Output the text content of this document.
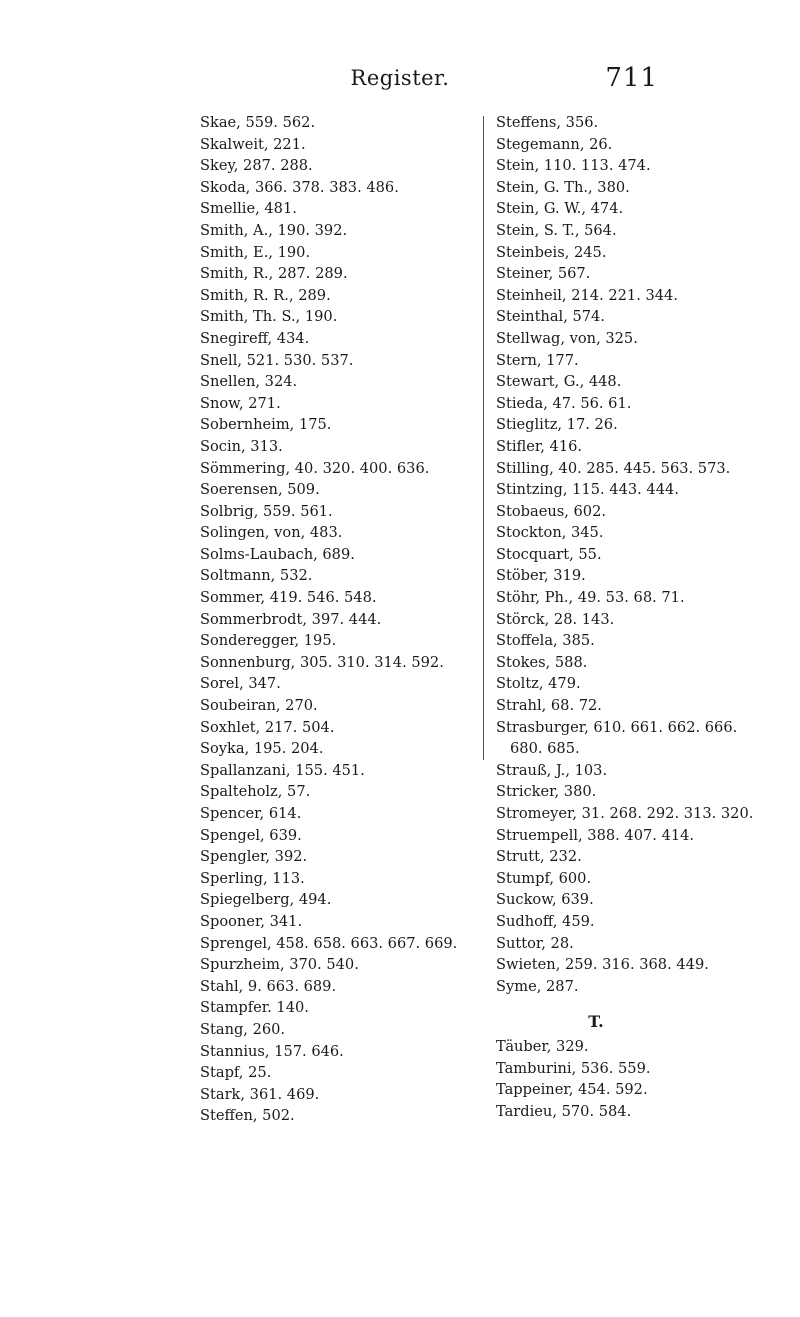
Register.	711
Skae, 559. 562.
Skalweit, 221.
Skey, 287. 288.
Skoda, 366. 378. 383. 486.
Smellie, 481.
Smith, A., 190. 392.
Smith, E., 190.
Smith, R., 287. 289.
Smith, R. R., 289.
Smith, Th. S., 190.
Snegireff, 434.
Snell, 521. 530. 537.
Snellen, 324.
Snow, 271.
Sobernheim, 175.
Socin, 313.
Sömmering, 40. 320. 400. 636.
Soerensen, 509.
Solbrig, 559. 561.
Solingen, von, 483.
Solms-Laubach, 689.
Soltmann, 532.
Sommer, 419. 546. 548.
Sommerbrodt, 397. 444.
Sonderegger, 195.
Sonnenburg, 305. 310. 314. 592.
Sorel, 347.
Soubeiran, 270.
Soxhlet, 217. 504.
Soyka, 195. 204.
Spallanzani, 155. 451.
Spalteholz, 57.
Spencer, 614.
Spengel, 639.
Spengler, 392.
Sperling, 113.
Spiegelberg, 494.
Spooner, 341.
Sprengel, 458. 658. 663. 667. 669.
Spurzheim, 370. 540.
Stahl, 9. 663. 689.
Stampfer. 140.
Stang, 260.
Stannius, 157. 646.
Stapf, 25.
Stark, 361. 469.
Steffen, 502.
Steffens, 356.
Stegemann, 26.
Stein, 110. 113. 474.
Stein, G. Th., 380.
Stein, G. W., 474.
Stein, S. T., 564.
Steinbeis, 245.
Steiner, 567.
Steinheil, 214. 221. 344.
Steinthal, 574.
Stellwag, von, 325.
Stern, 177.
Stewart, G., 448.
Stieda, 47. 56. 61.
Stieglitz, 17. 26.
Stifler, 416.
Stilling, 40. 285. 445. 563. 573.
Stintzing, 115. 443. 444.
Stobaeus, 602.
Stockton, 345.
Stocquart, 55.
Stöber, 319.
Stöhr, Ph., 49. 53. 68. 71.
Störck, 28. 143.
Stoffela, 385.
Stokes, 588.
Stoltz, 479.
Strahl, 68. 72.
Strasburger, 610. 661. 662. 666.
680. 685.
Strauß, J., 103.
Stricker, 380.
Stromeyer, 31. 268. 292. 313. 320.
Struempell, 388. 407. 414.
Strutt, 232.
Stumpf, 600.
Suckow, 639.
Sudhoff, 459.
Suttor, 28.
Swieten, 259. 316. 368. 449.
Syme, 287.
T.
Täuber, 329.
Tamburini, 536. 559.
Tappeiner, 454. 592.
Tardieu, 570. 584.
